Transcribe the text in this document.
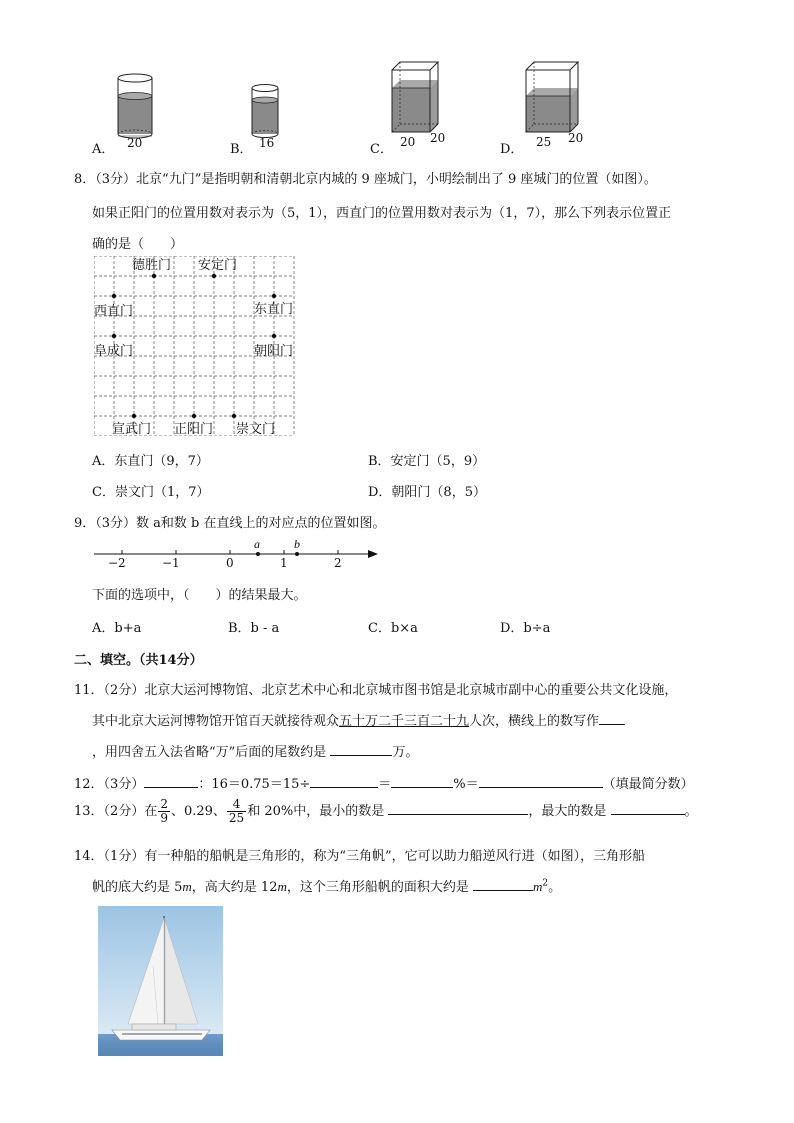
A． 20	B． 16	C． 20 20
D． 25 20
8．（3分）北京“九门”是指明朝和清朝北京内城的 9 座城门，小明绘制出了 9 座城门的位置（如图）。
如果正阳门的位置用数对表示为（5，1），西直门的位置用数对表示为（1，7），那么下列表示位置正
确的是（　　）
德胜门 安定门
西直门	东直门
阜成门	朝阳门
宣武门 正阳门 崇文门
A．东直门（9，7）	B．安定门（5，9）
C．崇文门（1，7）	D．朝阳门（8，5）
9．（3分）数 a和数 b 在直线上的对应点的位置如图。
−2	−1	0	1	2
a	b
下面的选项中，（　　）的结果最大。
A．b+a	B．b - a	C．b×a	D．b÷a
二、填空。（共14分）
11．（2分）北京大运河博物馆、北京艺术中心和北京城市图书馆是北京城市副中心的重要公共文化设施，
其中北京大运河博物馆开馆百天就接待观众五十万二千三百二十九人次，横线上的数写作
，用四舍五入法省略“万”后面的尾数约是	万。
12．（3分）	：16＝0.75＝15÷	＝	%＝	（填最简分数）
13．（2分）在 $\frac{2}{9}$ 、0.29、 $\frac{4}{25}$ 和 20%中，最小的数是	，最大的数是	。
14．（1分）有一种船的船帆是三角形的，称为“三角帆”，它可以助力船逆风行进（如图），三角形船
帆的底大约是 5m，高大约是 12m，这个三角形船帆的面积大约是	$m^2$。
